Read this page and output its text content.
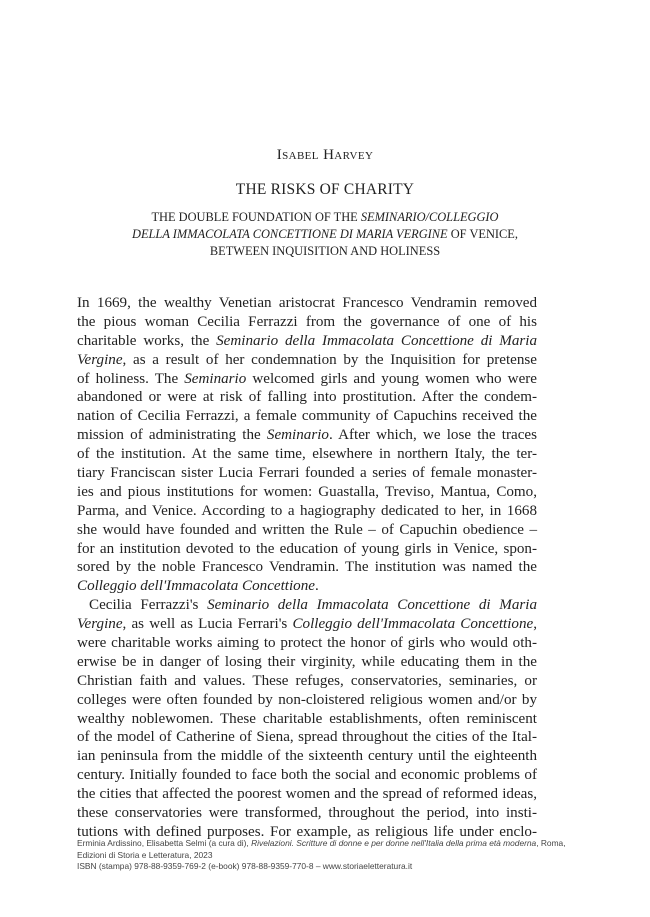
Isabel Harvey
THE RISKS OF CHARITY
THE DOUBLE FOUNDATION OF THE SEMINARIO/COLLEGGIO
DELLA IMMACOLATA CONCETTIONE DI MARIA VERGINE OF VENICE,
BETWEEN INQUISITION AND HOLINESS
In 1669, the wealthy Venetian aristocrat Francesco Vendramin removed
the pious woman Cecilia Ferrazzi from the governance of one of his
charitable works, the Seminario della Immacolata Concettione di Maria
Vergine, as a result of her condemnation by the Inquisition for pretense
of holiness. The Seminario welcomed girls and young women who were
abandoned or were at risk of falling into prostitution. After the condem-
nation of Cecilia Ferrazzi, a female community of Capuchins received the
mission of administrating the Seminario. After which, we lose the traces
of the institution. At the same time, elsewhere in northern Italy, the ter-
tiary Franciscan sister Lucia Ferrari founded a series of female monaster-
ies and pious institutions for women: Guastalla, Treviso, Mantua, Como,
Parma, and Venice. According to a hagiography dedicated to her, in 1668
she would have founded and written the Rule – of Capuchin obedience –
for an institution devoted to the education of young girls in Venice, spon-
sored by the noble Francesco Vendramin. The institution was named the
Colleggio dell'Immacolata Concettione.
Cecilia Ferrazzi's Seminario della Immacolata Concettione di Maria
Vergine, as well as Lucia Ferrari's Colleggio dell'Immacolata Concettione,
were charitable works aiming to protect the honor of girls who would oth-
erwise be in danger of losing their virginity, while educating them in the
Christian faith and values. These refuges, conservatories, seminaries, or
colleges were often founded by non-cloistered religious women and/or by
wealthy noblewomen. These charitable establishments, often reminiscent
of the model of Catherine of Siena, spread throughout the cities of the Ital-
ian peninsula from the middle of the sixteenth century until the eighteenth
century. Initially founded to face both the social and economic problems of
the cities that affected the poorest women and the spread of reformed ideas,
these conservatories were transformed, throughout the period, into insti-
tutions with defined purposes. For example, as religious life under enclo-
Erminia Ardissino, Elisabetta Selmi (a cura di), Rivelazioni. Scritture di donne e per donne nell'Italia della prima età moderna, Roma,
Edizioni di Storia e Letteratura, 2023
ISBN (stampa) 978-88-9359-769-2 (e-book) 978-88-9359-770-8 – www.storiaeletteratura.it
